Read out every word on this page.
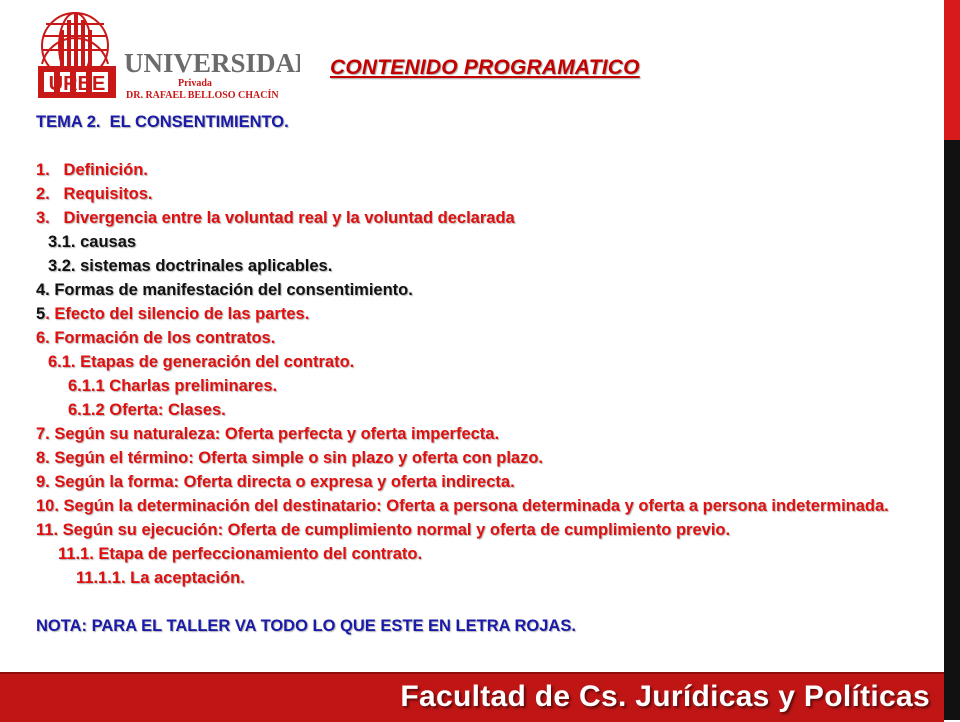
URBE
UNIVERSIDAD
Privada
DR. RAFAEL BELLOSO CHACÍN
CONTENIDO PROGRAMATICO
TEMA 2.  EL CONSENTIMIENTO.

1. Definición.
2. Requisitos.
3. Divergencia entre la voluntad real y la voluntad declarada
3.1. causas
3.2. sistemas doctrinales aplicables.
4. Formas de manifestación del consentimiento.
5. Efecto del silencio de las partes.
6. Formación de los contratos.
6.1. Etapas de generación del contrato.
6.1.1 Charlas preliminares.
6.1.2 Oferta: Clases.
7. Según su naturaleza: Oferta perfecta y oferta imperfecta.
8. Según el término: Oferta simple o sin plazo y oferta con plazo.
9. Según la forma: Oferta directa o expresa y oferta indirecta.
10. Según la determinación del destinatario: Oferta a persona determinada y oferta a persona indeterminada.
11. Según su ejecución: Oferta de cumplimiento normal y oferta de cumplimiento previo.
11.1. Etapa de perfeccionamiento del contrato.
11.1.1. La aceptación.

NOTA: PARA EL TALLER VA TODO LO QUE ESTE EN LETRA ROJAS.
Facultad de Cs. Jurídicas y Políticas
